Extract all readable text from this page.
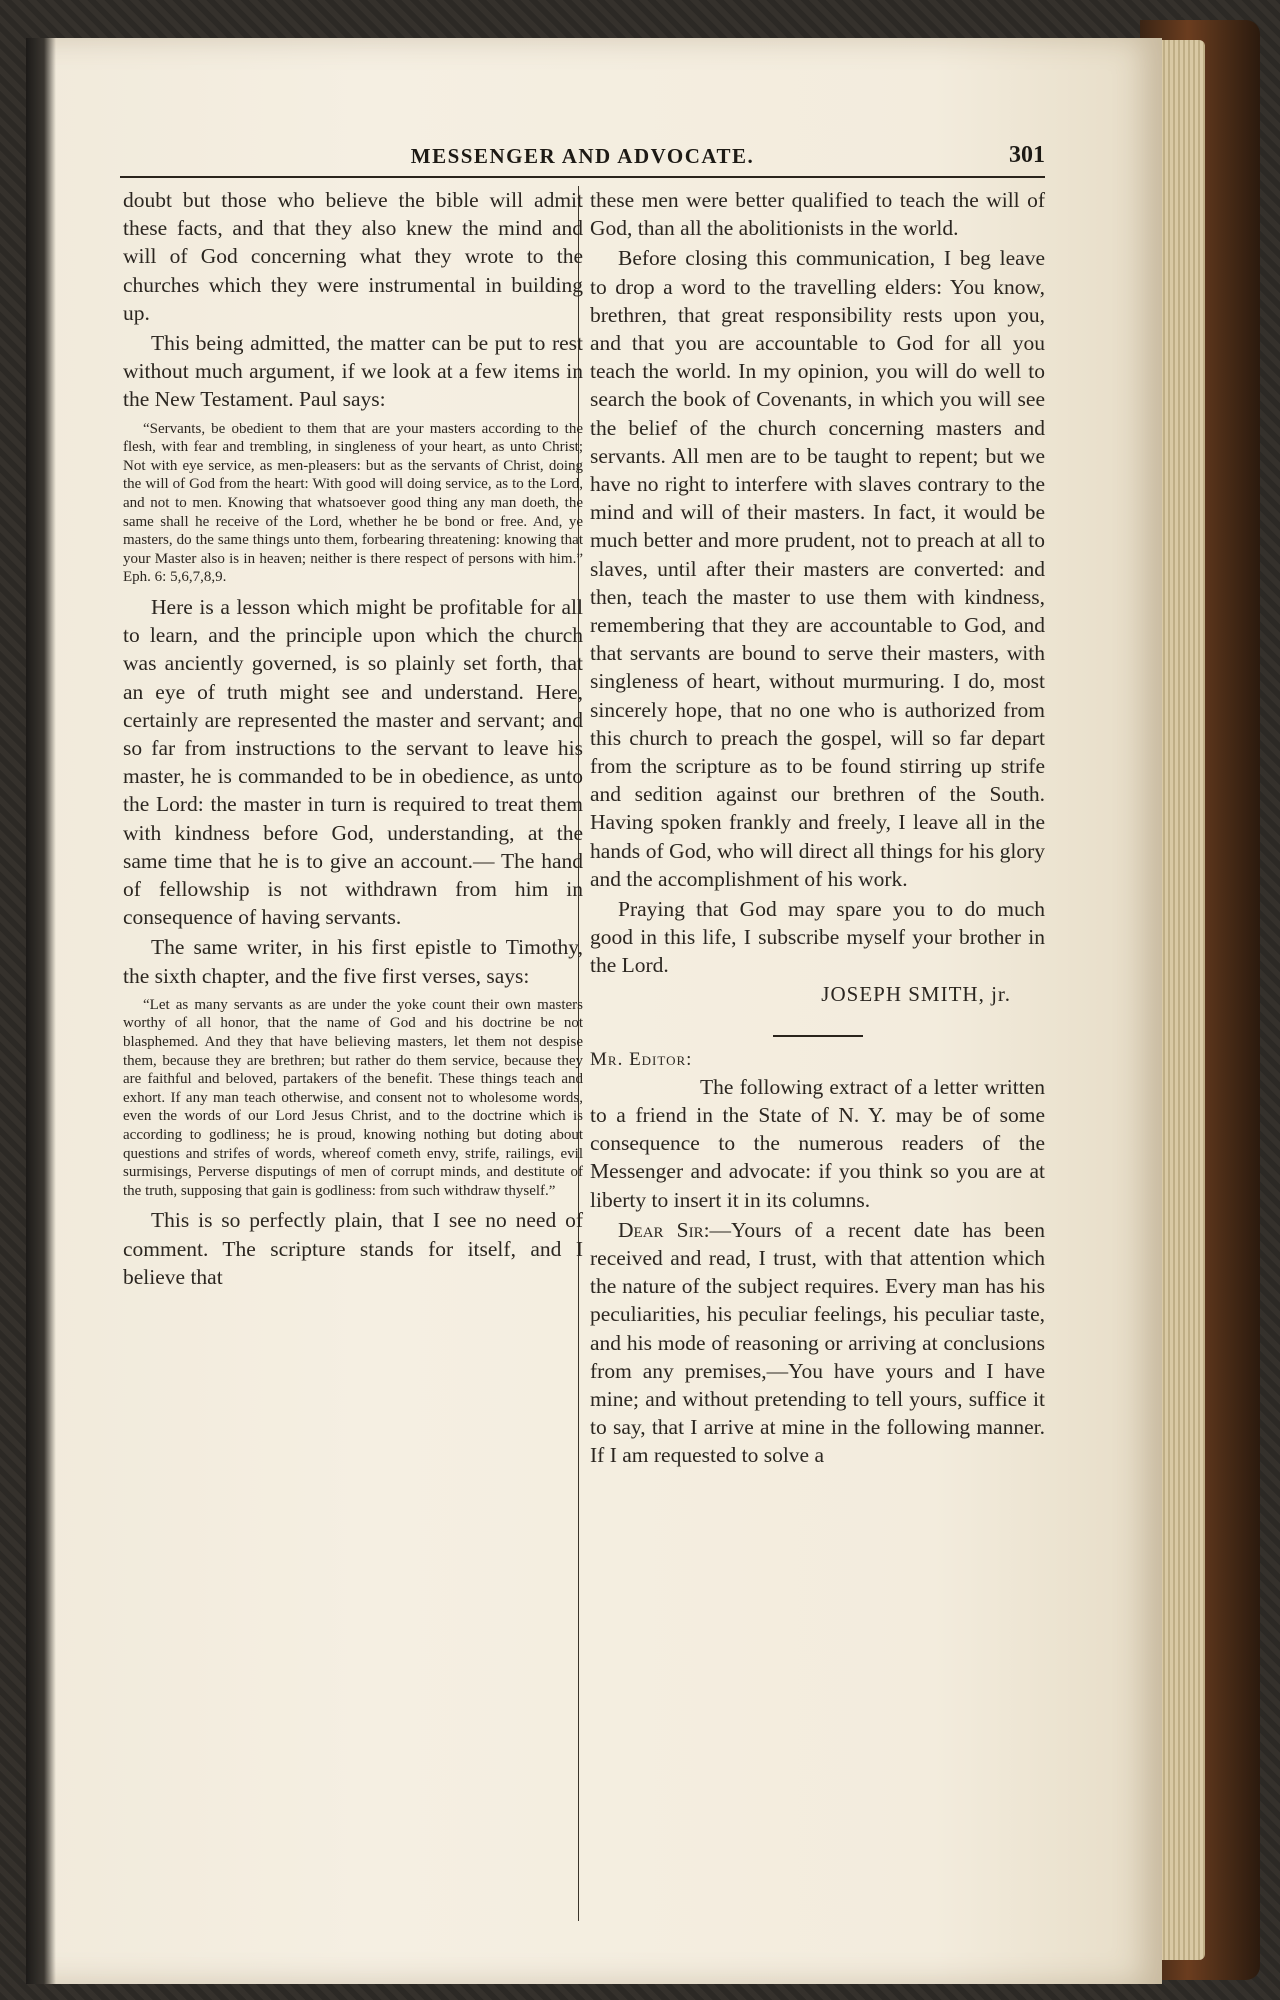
MESSENGER AND ADVOCATE.	301

doubt but those who believe the bible will admit these facts, and that they also knew the mind and will of God concerning what they wrote to the churches which they were instrumental in building up.

This being admitted, the matter can be put to rest without much argument, if we look at a few items in the New Testament. Paul says:

“Servants, be obedient to them that are your masters according to the flesh, with fear and trembling, in singleness of your heart, as unto Christ; Not with eye service, as men-pleasers: but as the servants of Christ, doing the will of God from the heart: With good will doing service, as to the Lord, and not to men. Knowing that whatsoever good thing any man doeth, the same shall he receive of the Lord, whether he be bond or free. And, ye masters, do the same things unto them, forbearing threatening: knowing that your Master also is in heaven; neither is there respect of persons with him.” Eph. 6: 5,6,7,8,9.

Here is a lesson which might be profitable for all to learn, and the principle upon which the church was anciently governed, is so plainly set forth, that an eye of truth might see and understand. Here, certainly are represented the master and servant; and so far from instructions to the servant to leave his master, he is commanded to be in obedience, as unto the Lord: the master in turn is required to treat them with kindness before God, understanding, at the same time that he is to give an account.— The hand of fellowship is not withdrawn from him in consequence of having servants.

The same writer, in his first epistle to Timothy, the sixth chapter, and the five first verses, says:

“Let as many servants as are under the yoke count their own masters worthy of all honor, that the name of God and his doctrine be not blasphemed. And they that have believing masters, let them not despise them, because they are brethren; but rather do them service, because they are faithful and beloved, partakers of the benefit. These things teach and exhort. If any man teach otherwise, and consent not to wholesome words, even the words of our Lord Jesus Christ, and to the doctrine which is according to godliness; he is proud, knowing nothing but doting about questions and strifes of words, whereof cometh envy, strife, railings, evil surmisings, Perverse disputings of men of corrupt minds, and destitute of the truth, supposing that gain is godliness: from such withdraw thyself.”

This is so perfectly plain, that I see no need of comment. The scripture stands for itself, and I believe that

these men were better qualified to teach the will of God, than all the abolitionists in the world.

Before closing this communication, I beg leave to drop a word to the travelling elders: You know, brethren, that great responsibility rests upon you, and that you are accountable to God for all you teach the world. In my opinion, you will do well to search the book of Covenants, in which you will see the belief of the church concerning masters and servants. All men are to be taught to repent; but we have no right to interfere with slaves contrary to the mind and will of their masters. In fact, it would be much better and more prudent, not to preach at all to slaves, until after their masters are converted: and then, teach the master to use them with kindness, remembering that they are accountable to God, and that servants are bound to serve their masters, with singleness of heart, without murmuring. I do, most sincerely hope, that no one who is authorized from this church to preach the gospel, will so far depart from the scripture as to be found stirring up strife and sedition against our brethren of the South. Having spoken frankly and freely, I leave all in the hands of God, who will direct all things for his glory and the accomplishment of his work.

Praying that God may spare you to do much good in this life, I subscribe myself your brother in the Lord.

JOSEPH SMITH, jr.

Mr. Editor:

The following extract of a letter written to a friend in the State of N. Y. may be of some consequence to the numerous readers of the Messenger and advocate: if you think so you are at liberty to insert it in its columns.

Dear Sir:—Yours of a recent date has been received and read, I trust, with that attention which the nature of the subject requires. Every man has his peculiarities, his peculiar feelings, his peculiar taste, and his mode of reasoning or arriving at conclusions from any premises,—You have yours and I have mine; and without pretending to tell yours, suffice it to say, that I arrive at mine in the following manner. If I am requested to solve a
